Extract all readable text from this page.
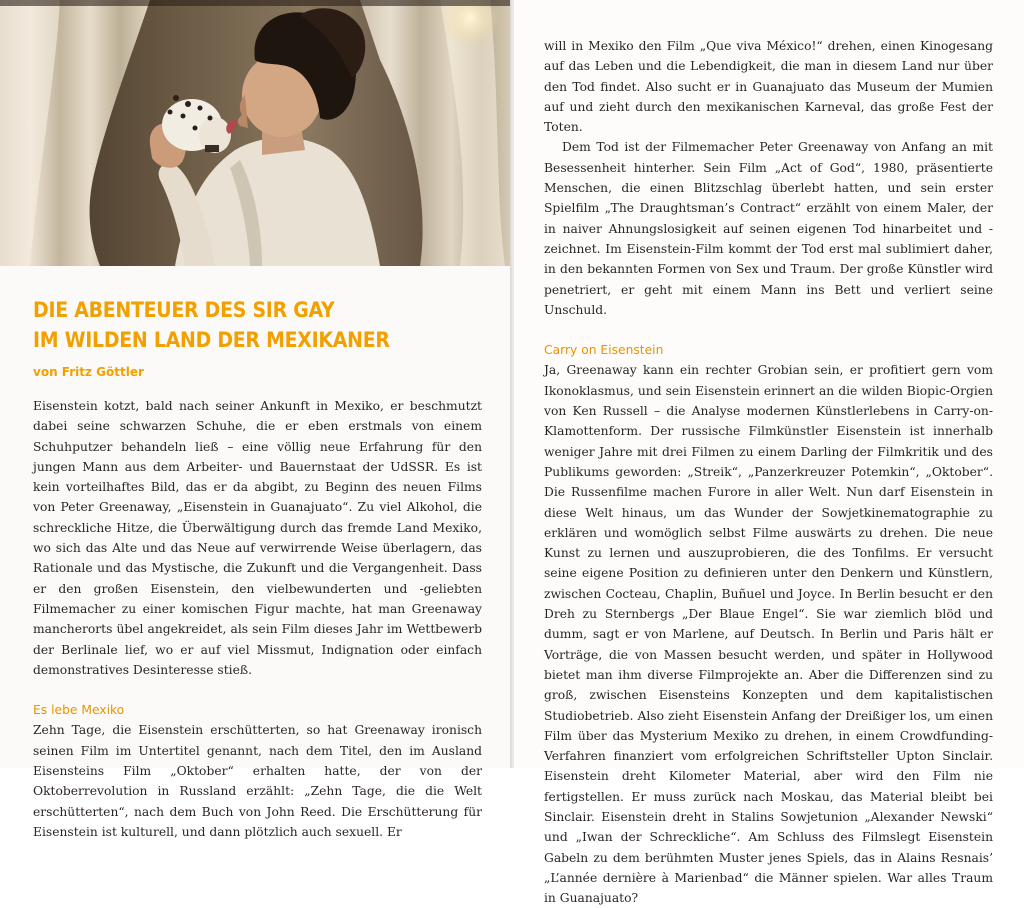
DIE ABENTEUER DES SIR GAY
IM WILDEN LAND DER MEXIKANER
von Fritz Göttler

Eisenstein kotzt, bald nach seiner Ankunft in Mexiko, er beschmutzt dabei seine schwarzen Schuhe, die er eben erstmals von einem Schuhputzer behandeln ließ – eine völlig neue Erfahrung für den jungen Mann aus dem Arbeiter- und Bauernstaat der UdSSR. Es ist kein vorteilhaftes Bild, das er da abgibt, zu Beginn des neuen Films von Peter Greenaway, „Eisenstein in Guanajuato“. Zu viel Alkohol, die schreckliche Hitze, die Überwältigung durch das fremde Land Mexiko, wo sich das Alte und das Neue auf verwirrende Weise überlagern, das Rationale und das Mystische, die Zukunft und die Vergangenheit. Dass er den großen Eisenstein, den vielbewunderten und -geliebten Filmemacher zu einer komischen Figur machte, hat man Greenaway mancherorts übel angekreidet, als sein Film dieses Jahr im Wettbewerb der Berlinale lief, wo er auf viel Missmut, Indignation oder einfach demonstratives Desinteresse stieß.

Es lebe Mexiko

Zehn Tage, die Eisenstein erschütterten, so hat Greenaway ironisch seinen Film im Untertitel genannt, nach dem Titel, den im Ausland Eisensteins Film „Oktober“ erhalten hatte, der von der Oktoberrevolution in Russland erzählt: „Zehn Tage, die die Welt erschütterten“, nach dem Buch von John Reed. Die Erschütterung für Eisenstein ist kulturell, und dann plötzlich auch sexuell. Er

will in Mexiko den Film „Que viva México!“ drehen, einen Kinogesang auf das Leben und die Lebendigkeit, die man in diesem Land nur über den Tod findet. Also sucht er in Guanajuato das Museum der Mumien auf und zieht durch den mexikanischen Karneval, das große Fest der Toten.

Dem Tod ist der Filmemacher Peter Greenaway von Anfang an mit Besessenheit hinterher. Sein Film „Act of God“, 1980, präsentierte Menschen, die einen Blitzschlag überlebt hatten, und sein erster Spielfilm „The Draughtsman’s Contract“ erzählt von einem Maler, der in naiver Ahnungslosigkeit auf seinen eigenen Tod hinarbeitet und -zeichnet. Im Eisenstein-Film kommt der Tod erst mal sublimiert daher, in den bekannten Formen von Sex und Traum. Der große Künstler wird penetriert, er geht mit einem Mann ins Bett und verliert seine Unschuld.

Carry on Eisenstein

Ja, Greenaway kann ein rechter Grobian sein, er profitiert gern vom Ikonoklasmus, und sein Eisenstein erinnert an die wilden Biopic-Orgien von Ken Russell – die Analyse modernen Künstlerlebens in Carry-on-Klamottenform. Der russische Filmkünstler Eisenstein ist innerhalb weniger Jahre mit drei Filmen zu einem Darling der Filmkritik und des Publikums geworden: „Streik“, „Panzerkreuzer Potemkin“, „Oktober“. Die Russenfilme machen Furore in aller Welt. Nun darf Eisenstein in diese Welt hinaus, um das Wunder der Sowjetkinematographie zu erklären und womöglich selbst Filme auswärts zu drehen. Die neue Kunst zu lernen und auszuprobieren, die des Tonfilms. Er versucht seine eigene Position zu definieren unter den Denkern und Künstlern, zwischen Cocteau, Chaplin, Buñuel und Joyce. In Berlin besucht er den Dreh zu Sternbergs „Der Blaue Engel“. Sie war ziemlich blöd und dumm, sagt er von Marlene, auf Deutsch. In Berlin und Paris hält er Vorträge, die von Massen besucht werden, und später in Hollywood bietet man ihm diverse Filmprojekte an. Aber die Differenzen sind zu groß, zwischen Eisensteins Konzepten und dem kapitalistischen Studiobetrieb. Also zieht Eisenstein Anfang der Dreißiger los, um einen Film über das Mysterium Mexiko zu drehen, in einem Crowdfunding-Verfahren finanziert vom erfolgreichen Schriftsteller Upton Sinclair. Eisenstein dreht Kilometer Material, aber wird den Film nie fertigstellen. Er muss zurück nach Moskau, das Material bleibt bei Sinclair. Eisenstein dreht in Stalins Sowjetunion „Alexander Newski“ und „Iwan der Schreckliche“. Am Schluss des Filmslegt Eisenstein Gabeln zu dem berühmten Muster jenes Spiels, das in Alains Resnais’ „L’année dernière à Marienbad“ die Männer spielen. War alles Traum in Guanajuato?
